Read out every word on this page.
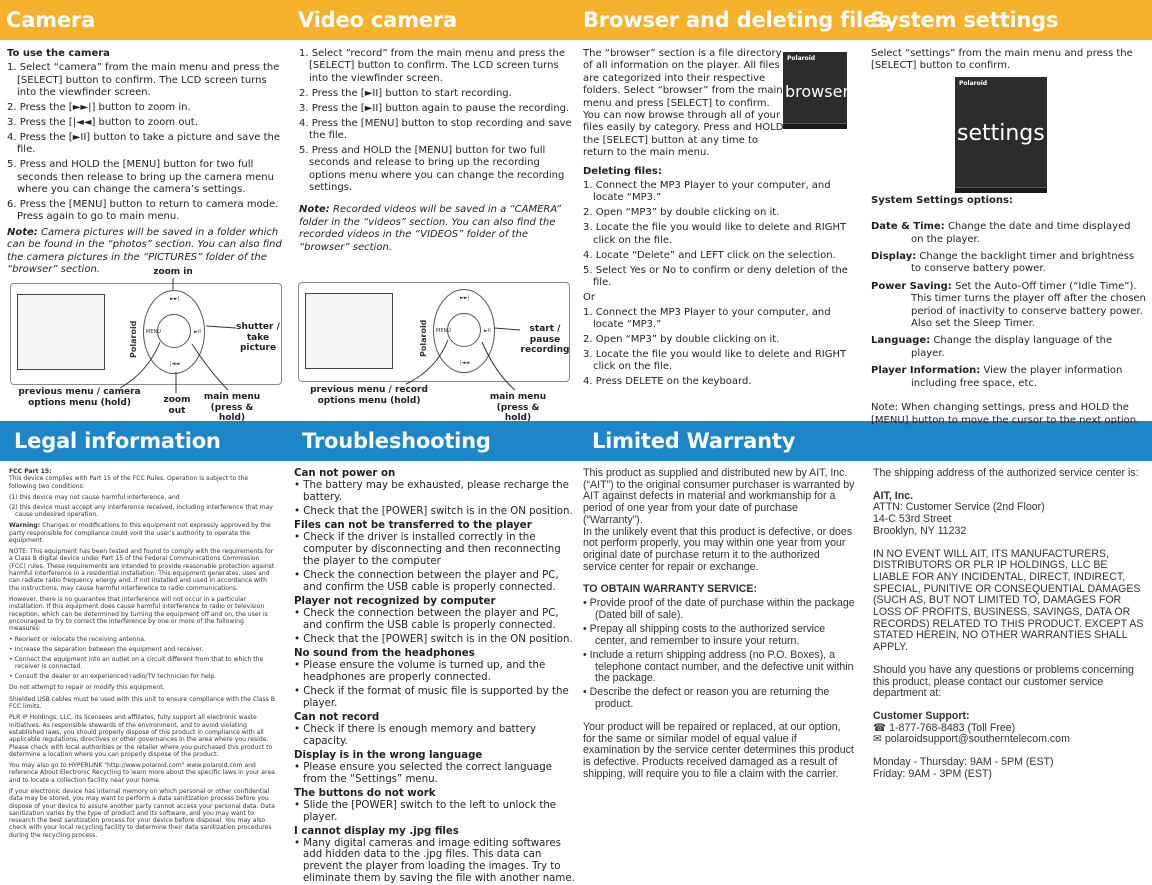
Camera	Video camera	Browser and deleting files
System settings
Legal information	Troubleshooting	Limited Warranty

To use the camera

1. Select “camera” from the main menu and press the [SELECT] button to confirm. The LCD screen turns into the viewfinder screen.
2. Press the [►►|] button to zoom in.
3. Press the [|◄◄] button to zoom out.
4. Press the [►II] button to take a picture and save the file.
5. Press and HOLD the [MENU] button for two full seconds then release to bring up the camera menu where you can change the camera’s settings.
6. Press the [MENU] button to return to camera mode. Press again to go to main menu.

Note: Camera pictures will be saved in a folder which can be found in the “photos” section. You can also find the camera pictures in the “PICTURES” folder of the “browser” section.

Polaroid
►►|
|◄◄
MENU	►II
zoom in
shutter / take picture
previous menu / camera options menu (hold)	zoom out
main menu (press & hold)
1. Select “record” from the main menu and press the [SELECT] button to confirm. The LCD screen turns into the viewfinder screen.
2. Press the [►II] button to start recording.
3. Press the [►II] button again to pause the recording.
4. Press the [MENU] button to stop recording and save the file.
5. Press and HOLD the [MENU] button for two full seconds and release to bring up the recording options menu where you can change the recording settings.

Note: Recorded videos will be saved in a “CAMERA” folder in the “videos” section. You can also find the recorded videos in the “VIDEOS” folder of the “browser” section.

Polaroid
►►|
|◄◄
MENU	►II	start / pause recording
previous menu / record options menu (hold)	main menu (press & hold)

The “browser” section is a file directory of all information on the player. All files are categorized into their respective folders. Select “browser” from the main menu and press [SELECT] to confirm. You can now browse through all of your files easily by category. Press and HOLD the [SELECT] button at any time to return to the main menu.

Deleting files:

1. Connect the MP3 Player to your computer, and locate “MP3.”
2. Open “MP3” by double clicking on it.
3. Locate the file you would like to delete and RIGHT click on the file.
4. Locate “Delete” and LEFT click on the selection.
5. Select Yes or No to confirm or deny deletion of the file.

Or

1. Connect the MP3 Player to your computer, and locate “MP3.”
2. Open “MP3” by double clicking on it.
3. Locate the file you would like to delete and RIGHT click on the file.
4. Press DELETE on the keyboard.
Polaroid
browser

Select “settings” from the main menu and press the [SELECT] button to confirm.

System Settings options:

Date & Time: Change the date and time displayed on the player.

Display: Change the backlight timer and brightness to conserve battery power.

Power Saving: Set the Auto-Off timer (“Idle Time”). This timer turns the player off after the chosen period of inactivity to conserve battery power. Also set the Sleep Timer.

Language: Change the display language of the player.

Player Information: View the player information including free space, etc.

Note: When changing settings, press and HOLD the [MENU] button to move the cursor to the next option.

Polaroid
settings

FCC Part 15:
This device complies with Part 15 of the FCC Rules. Operation is subject to the following two conditions:

(1) this device may not cause harmful interference, and
(2) this device must accept any interference received, including interference that may cause undesired operation.

Warning: Changes or modifications to this equipment not expressly approved by the party responsible for compliance could void the user’s authority to operate the equipment.

NOTE: This equipment has been tested and found to comply with the requirements for a Class B digital device under Part 15 of the Federal Communications Commission (FCC) rules. These requirements are intended to provide reasonable protection against harmful interference in a residential installation. This equipment generates, uses and can radiate radio frequency energy and, if not installed and used in accordance with the instructions, may cause harmful interference to radio communications.

However, there is no guarantee that interference will not occur in a particular installation. If this equipment does cause harmful interference to radio or television reception, which can be determined by turning the equipment off and on, the user is encouraged to try to correct the interference by one or more of the following measures:

• Reorient or relocate the receiving antenna.
• Increase the separation between the equipment and receiver.
• Connect the equipment into an outlet on a circuit different from that to which the receiver is connected.
• Consult the dealer or an experienced radio/TV technician for help.

Do not attempt to repair or modify this equipment.

Shielded USB cables must be used with this unit to ensure compliance with the Class B FCC limits.

PLR IP Holdings, LLC, its licensees and affiliates, fully support all electronic waste initiatives. As responsible stewards of the environment, and to avoid violating established laws, you should properly dispose of this product in compliance with all applicable regulations, directives or other governances in the area where you reside. Please check with local authorities or the retailer where you purchased this product to determine a location where you can properly dispose of the product.

You may also go to HYPERLINK "http://www.polaroid.com" www.polaroid.com and reference About Electronic Recycling to learn more about the specific laws in your area and to locate a collection facility near your home.

If your electronic device has internal memory on which personal or other confidential data may be stored, you may want to perform a data sanitization process before you dispose of your device to assure another party cannot access your personal data. Data sanitization varies by the type of product and its software, and you may want to research the best sanitization process for your device before disposal. You may also check with your local recycling facility to determine their data sanitization procedures during the recycling process.

Can not power on
• The battery may be exhausted, please recharge the battery.
• Check that the [POWER] switch is in the ON position.
Files can not be transferred to the player
• Check if the driver is installed correctly in the computer by disconnecting and then reconnecting the player to the computer
• Check the connection between the player and PC, and confirm the USB cable is properly connected.
Player not recognized by computer
• Check the connection between the player and PC, and confirm the USB cable is properly connected.
• Check that the [POWER] switch is in the ON position.
No sound from the headphones
• Please ensure the volume is turned up, and the headphones are properly connected.
• Check if the format of music file is supported by the player.
Can not record
• Check if there is enough memory and battery capacity.
Display is in the wrong language
• Please ensure you selected the correct language from the “Settings” menu.
The buttons do not work
• Slide the [POWER] switch to the left to unlock the player.
I cannot display my .jpg files
• Many digital cameras and image editing softwares add hidden data to the .jpg files. This data can prevent the player from loading the images. Try to eliminate them by saving the file with another name.

This product as supplied and distributed new by AIT, Inc. (“AIT”) to the original consumer purchaser is warranted by AIT against defects in material and workmanship for a period of one year from your date of purchase (“Warranty”).

In the unlikely event that this product is defective, or does not perform properly, you may within one year from your original date of purchase return it to the authorized service center for repair or exchange.

TO OBTAIN WARRANTY SERVICE:

• Provide proof of the date of purchase within the package (Dated bill of sale).
• Prepay all shipping costs to the authorized service center, and remember to insure your return.
• Include a return shipping address (no P.O. Boxes), a telephone contact number, and the defective unit within the package.
• Describe the defect or reason you are returning the product.

Your product will be repaired or replaced, at our option, for the same or similar model of equal value if examination by the service center determines this product is defective. Products received damaged as a result of shipping, will require you to file a claim with the carrier.

The shipping address of the authorized service center is:

AIT, Inc.
ATTN: Customer Service (2nd Floor)
14-C 53rd Street
Brooklyn, NY 11232

IN NO EVENT WILL AIT, ITS MANUFACTURERS, DISTRIBUTORS OR PLR IP HOLDINGS, LLC BE LIABLE FOR ANY INCIDENTAL, DIRECT, INDIRECT, SPECIAL, PUNITIVE OR CONSEQUENTIAL DAMAGES (SUCH AS, BUT NOT LIMITED TO, DAMAGES FOR LOSS OF PROFITS, BUSINESS, SAVINGS, DATA OR RECORDS) RELATED TO THIS PRODUCT. EXCEPT AS STATED HEREIN, NO OTHER WARRANTIES SHALL APPLY.

Should you have any questions or problems concerning this product, please contact our customer service department at:

Customer Support:
☎ 1-877-768-8483 (Toll Free)
✉ polaroidsupport@southerntelecom.com

Monday - Thursday: 9AM - 5PM (EST)
Friday: 9AM - 3PM (EST)
